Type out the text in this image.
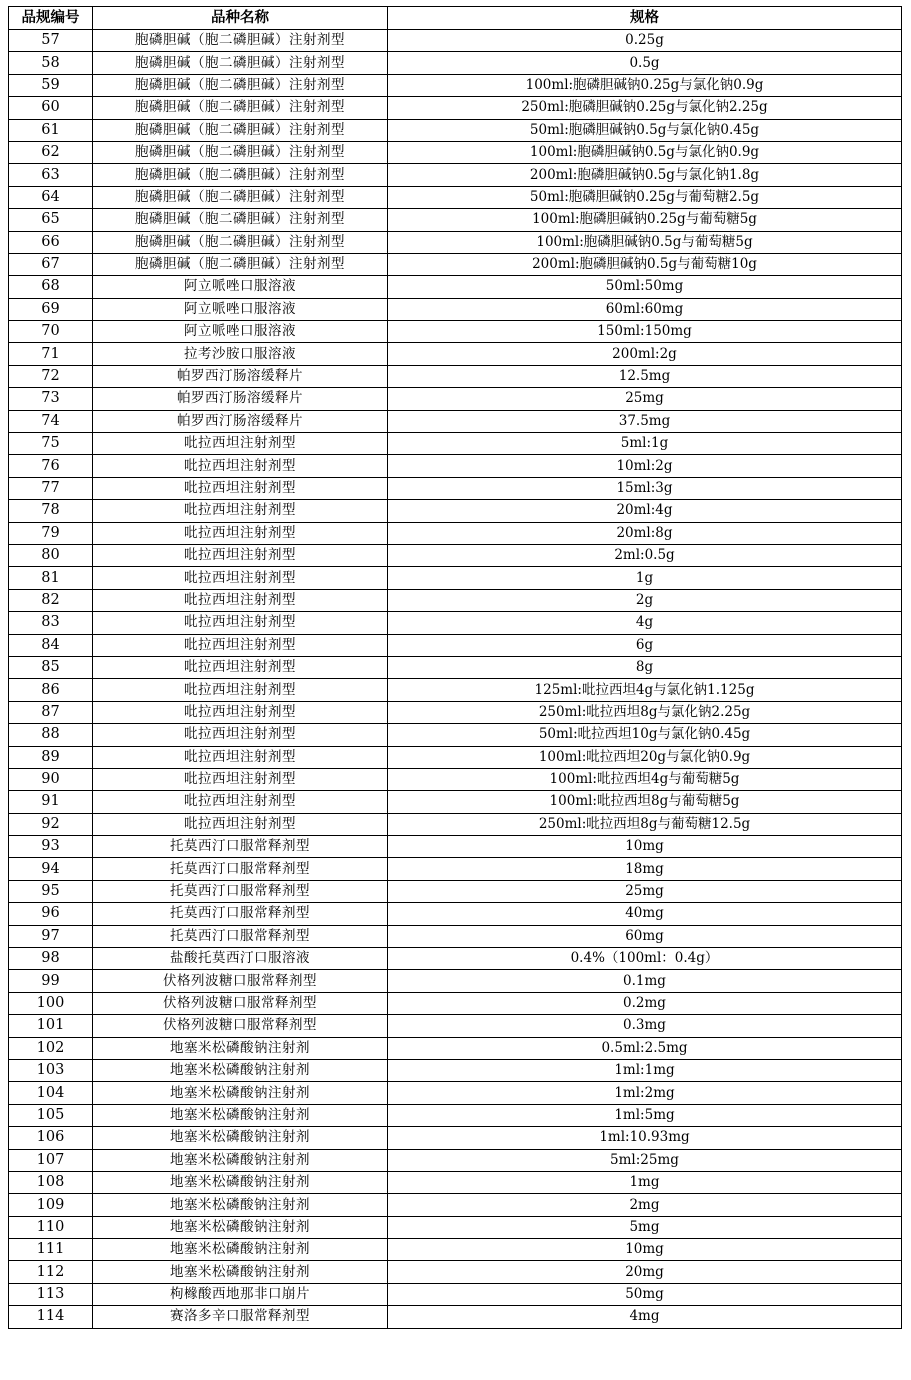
品规编号	品种名称	规格
57	胞磷胆碱（胞二磷胆碱）注射剂型	0.25g
58	胞磷胆碱（胞二磷胆碱）注射剂型	0.5g
59	胞磷胆碱（胞二磷胆碱）注射剂型	100ml:胞磷胆碱钠0.25g与氯化钠0.9g
60	胞磷胆碱（胞二磷胆碱）注射剂型	250ml:胞磷胆碱钠0.25g与氯化钠2.25g
61	胞磷胆碱（胞二磷胆碱）注射剂型	50ml:胞磷胆碱钠0.5g与氯化钠0.45g
62	胞磷胆碱（胞二磷胆碱）注射剂型	100ml:胞磷胆碱钠0.5g与氯化钠0.9g
63	胞磷胆碱（胞二磷胆碱）注射剂型	200ml:胞磷胆碱钠0.5g与氯化钠1.8g
64	胞磷胆碱（胞二磷胆碱）注射剂型	50ml:胞磷胆碱钠0.25g与葡萄糖2.5g
65	胞磷胆碱（胞二磷胆碱）注射剂型	100ml:胞磷胆碱钠0.25g与葡萄糖5g
66	胞磷胆碱（胞二磷胆碱）注射剂型	100ml:胞磷胆碱钠0.5g与葡萄糖5g
67	胞磷胆碱（胞二磷胆碱）注射剂型	200ml:胞磷胆碱钠0.5g与葡萄糖10g
68	阿立哌唑口服溶液	50ml:50mg
69	阿立哌唑口服溶液	60ml:60mg
70	阿立哌唑口服溶液	150ml:150mg
71	拉考沙胺口服溶液	200ml:2g
72	帕罗西汀肠溶缓释片	12.5mg
73	帕罗西汀肠溶缓释片	25mg
74	帕罗西汀肠溶缓释片	37.5mg
75	吡拉西坦注射剂型	5ml:1g
76	吡拉西坦注射剂型	10ml:2g
77	吡拉西坦注射剂型	15ml:3g
78	吡拉西坦注射剂型	20ml:4g
79	吡拉西坦注射剂型	20ml:8g
80	吡拉西坦注射剂型	2ml:0.5g
81	吡拉西坦注射剂型	1g
82	吡拉西坦注射剂型	2g
83	吡拉西坦注射剂型	4g
84	吡拉西坦注射剂型	6g
85	吡拉西坦注射剂型	8g
86	吡拉西坦注射剂型	125ml:吡拉西坦4g与氯化钠1.125g
87	吡拉西坦注射剂型	250ml:吡拉西坦8g与氯化钠2.25g
88	吡拉西坦注射剂型	50ml:吡拉西坦10g与氯化钠0.45g
89	吡拉西坦注射剂型	100ml:吡拉西坦20g与氯化钠0.9g
90	吡拉西坦注射剂型	100ml:吡拉西坦4g与葡萄糖5g
91	吡拉西坦注射剂型	100ml:吡拉西坦8g与葡萄糖5g
92	吡拉西坦注射剂型	250ml:吡拉西坦8g与葡萄糖12.5g
93	托莫西汀口服常释剂型	10mg
94	托莫西汀口服常释剂型	18mg
95	托莫西汀口服常释剂型	25mg
96	托莫西汀口服常释剂型	40mg
97	托莫西汀口服常释剂型	60mg
98	盐酸托莫西汀口服溶液	0.4%（100ml：0.4g）
99	伏格列波糖口服常释剂型	0.1mg
100	伏格列波糖口服常释剂型	0.2mg
101	伏格列波糖口服常释剂型	0.3mg
102	地塞米松磷酸钠注射剂	0.5ml:2.5mg
103	地塞米松磷酸钠注射剂	1ml:1mg
104	地塞米松磷酸钠注射剂	1ml:2mg
105	地塞米松磷酸钠注射剂	1ml:5mg
106	地塞米松磷酸钠注射剂	1ml:10.93mg
107	地塞米松磷酸钠注射剂	5ml:25mg
108	地塞米松磷酸钠注射剂	1mg
109	地塞米松磷酸钠注射剂	2mg
110	地塞米松磷酸钠注射剂	5mg
111	地塞米松磷酸钠注射剂	10mg
112	地塞米松磷酸钠注射剂	20mg
113	枸橼酸西地那非口崩片	50mg
114	赛洛多辛口服常释剂型	4mg
